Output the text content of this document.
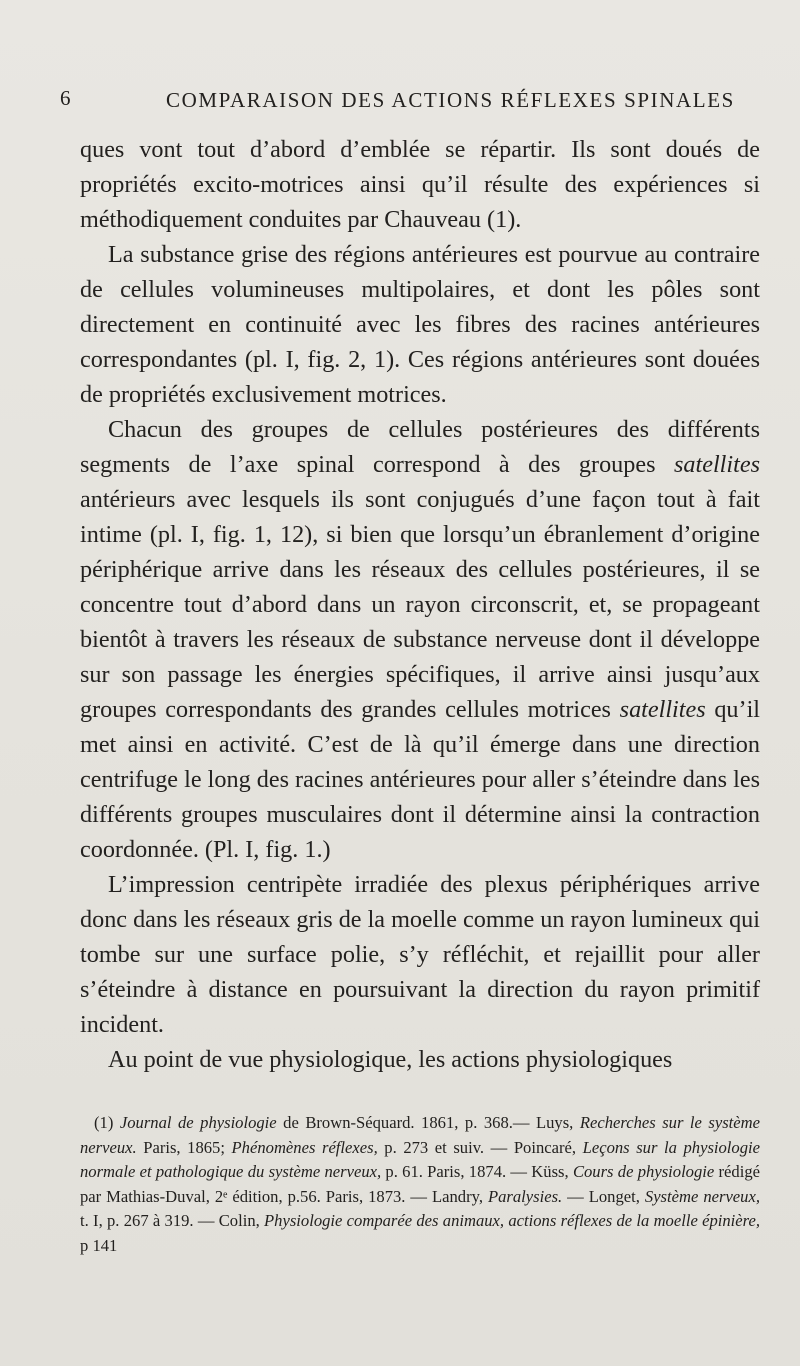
6	COMPARAISON DES ACTIONS RÉFLEXES SPINALES

ques vont tout d’abord d’emblée se répartir. Ils sont doués de propriétés excito-motrices ainsi qu’il résulte des expériences si méthodiquement conduites par Chauveau (1).

La substance grise des régions antérieures est pourvue au contraire de cellules volumineuses multipolaires, et dont les pôles sont directement en continuité avec les fibres des racines antérieures correspondantes (pl. I, fig. 2, 1). Ces régions antérieures sont douées de propriétés exclusivement motrices.

Chacun des groupes de cellules postérieures des différents segments de l’axe spinal correspond à des groupes satellites antérieurs avec lesquels ils sont conjugués d’une façon tout à fait intime (pl. I, fig. 1, 12), si bien que lorsqu’un ébranlement d’origine périphérique arrive dans les réseaux des cellules postérieures, il se concentre tout d’abord dans un rayon circonscrit, et, se propageant bientôt à travers les réseaux de substance nerveuse dont il développe sur son passage les énergies spécifiques, il arrive ainsi jusqu’aux groupes correspondants des grandes cellules motrices satellites qu’il met ainsi en activité. C’est de là qu’il émerge dans une direction centrifuge le long des racines antérieures pour aller s’éteindre dans les différents groupes musculaires dont il détermine ainsi la contraction coordonnée. (Pl. I, fig. 1.)

L’impression centripète irradiée des plexus périphériques arrive donc dans les réseaux gris de la moelle comme un rayon lumineux qui tombe sur une surface polie, s’y réfléchit, et rejaillit pour aller s’éteindre à distance en poursuivant la direction du rayon primitif incident.

Au point de vue physiologique, les actions physiologiques

(1) Journal de physiologie de Brown-Séquard. 1861, p. 368.— Luys, Recherches sur le système nerveux. Paris, 1865; Phénomènes réflexes, p. 273 et suiv. — Poincaré, Leçons sur la physiologie normale et pathologique du système nerveux, p. 61. Paris, 1874. — Küss, Cours de physiologie rédigé par Mathias-Duval, 2ᵉ édition, p.56. Paris, 1873. — Landry, Paralysies. — Longet, Système nerveux, t. I, p. 267 à 319. — Colin, Physiologie comparée des animaux, actions réflexes de la moelle épinière, p 141
